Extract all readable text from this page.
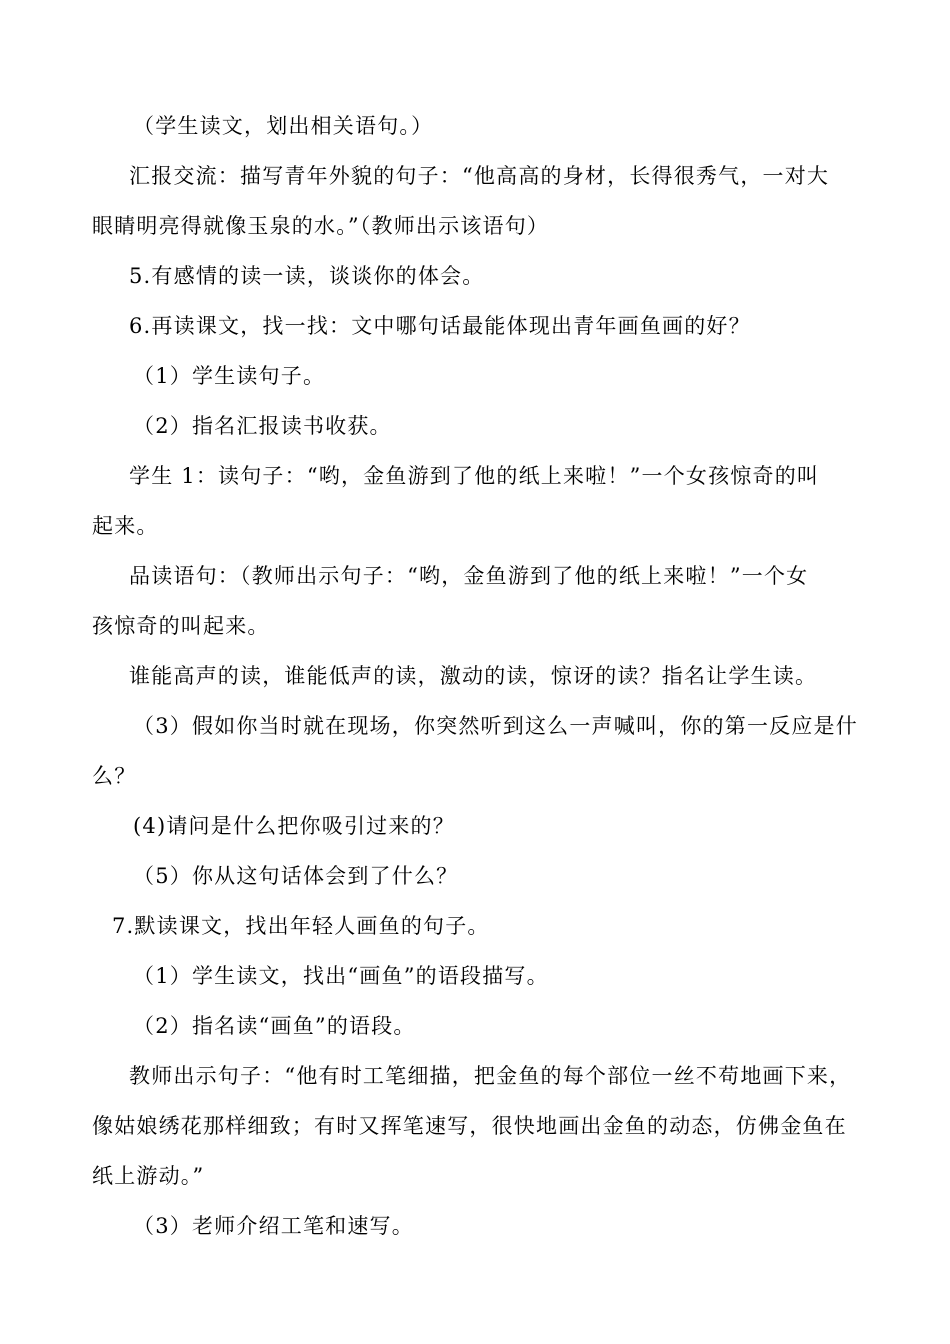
（学生读文，划出相关语句。）
汇报交流：描写青年外貌的句子：“他高高的身材，长得很秀气，一对大
眼睛明亮得就像玉泉的水。”（教师出示该语句）
5.有感情的读一读，谈谈你的体会。
6.再读课文，找一找：文中哪句话最能体现出青年画鱼画的好？
（1）学生读句子。
（2）指名汇报读书收获。
学生 1：读句子：“哟，金鱼游到了他的纸上来啦！”一个女孩惊奇的叫
起来。
品读语句：（教师出示句子：“哟，金鱼游到了他的纸上来啦！”一个女
孩惊奇的叫起来。
谁能高声的读，谁能低声的读，激动的读，惊讶的读？指名让学生读。
（3）假如你当时就在现场，你突然听到这么一声喊叫，你的第一反应是什
么？
(4)请问是什么把你吸引过来的？
（5）你从这句话体会到了什么？
7.默读课文，找出年轻人画鱼的句子。
（1）学生读文，找出“画鱼”的语段描写。
（2）指名读“画鱼”的语段。
教师出示句子：“他有时工笔细描，把金鱼的每个部位一丝不苟地画下来，
像姑娘绣花那样细致；有时又挥笔速写，很快地画出金鱼的动态，仿佛金鱼在
纸上游动。”
（3）老师介绍工笔和速写。
